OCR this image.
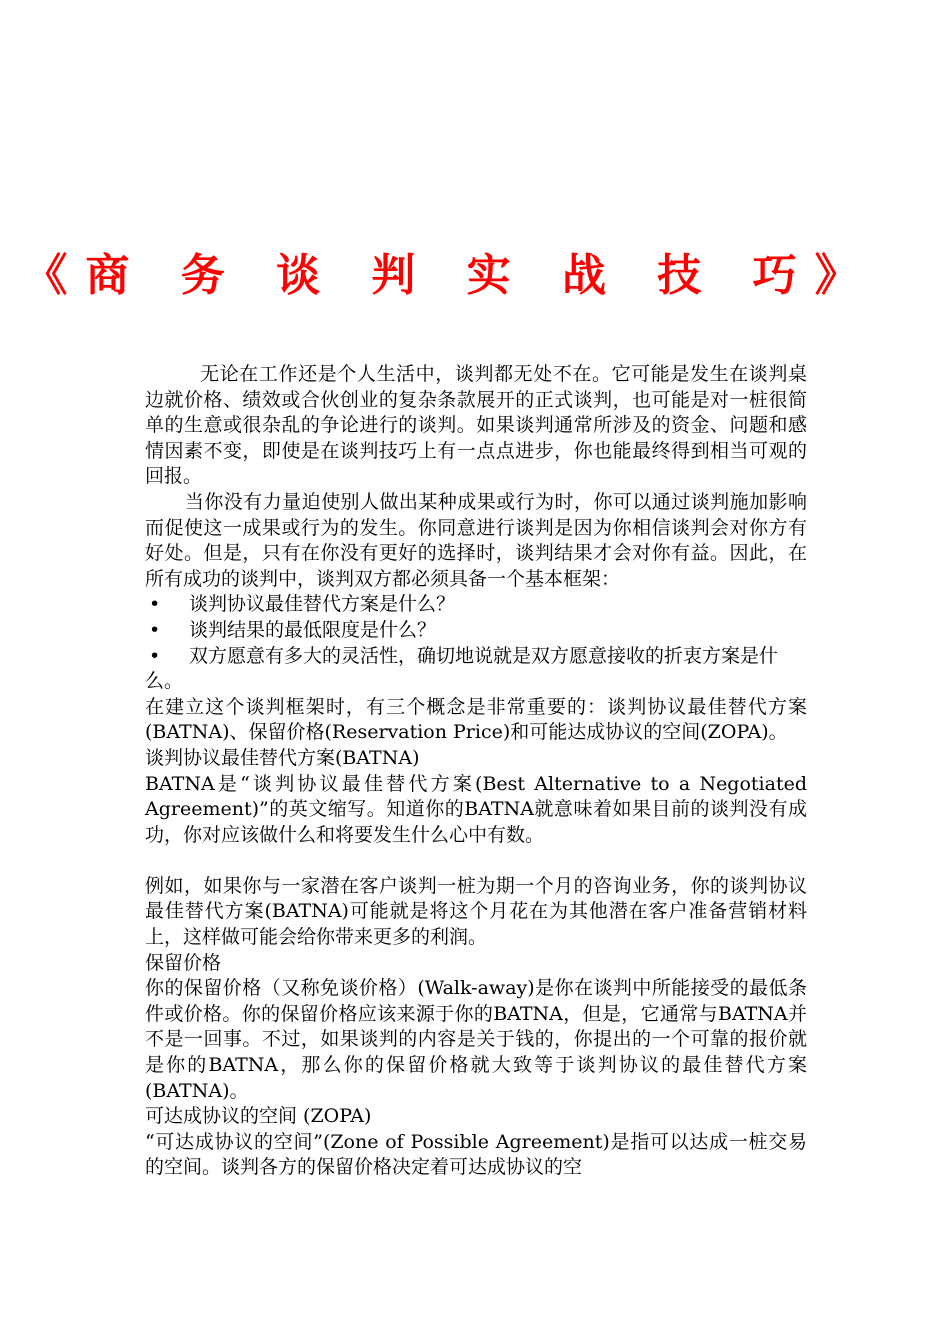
《商 务 谈 判 实 战 技 巧》

无论在工作还是个人生活中，谈判都无处不在。它可能是发生在谈判桌边就价格、绩效或合伙创业的复杂条款展开的正式谈判，也可能是对一桩很简单的生意或很杂乱的争论进行的谈判。如果谈判通常所涉及的资金、问题和感情因素不变，即使是在谈判技巧上有一点点进步，你也能最终得到相当可观的回报。

当你没有力量迫使别人做出某种成果或行为时，你可以通过谈判施加影响而促使这一成果或行为的发生。你同意进行谈判是因为你相信谈判会对你方有好处。但是，只有在你没有更好的选择时，谈判结果才会对你有益。因此，在所有成功的谈判中，谈判双方都必须具备一个基本框架：

•	谈判协议最佳替代方案是什么？
•	谈判结果的最低限度是什么？
• 双方愿意有多大的灵活性，确切地说就是双方愿意接收的折衷方案是什么。

在建立这个谈判框架时，有三个概念是非常重要的：谈判协议最佳替代方案(BATNA)、保留价格(Reservation Price)和可能达成协议的空间(ZOPA)。

谈判协议最佳替代方案(BATNA)

BATNA是“谈判协议最佳替代方案(Best Alternative to a Negotiated Agreement)”的英文缩写。知道你的BATNA就意味着如果目前的谈判没有成功，你对应该做什么和将要发生什么心中有数。

例如，如果你与一家潜在客户谈判一桩为期一个月的咨询业务，你的谈判协议最佳替代方案(BATNA)可能就是将这个月花在为其他潜在客户准备营销材料上，这样做可能会给你带来更多的利润。

保留价格

你的保留价格（又称免谈价格）(Walk-away)是你在谈判中所能接受的最低条件或价格。你的保留价格应该来源于你的BATNA，但是，它通常与BATNA并不是一回事。不过，如果谈判的内容是关于钱的，你提出的一个可靠的报价就是你的BATNA，那么你的保留价格就大致等于谈判协议的最佳替代方案(BATNA)。

可达成协议的空间 (ZOPA)

“可达成协议的空间”(Zone of Possible Agreement)是指可以达成一桩交易的空间。谈判各方的保留价格决定着可达成协议的空
